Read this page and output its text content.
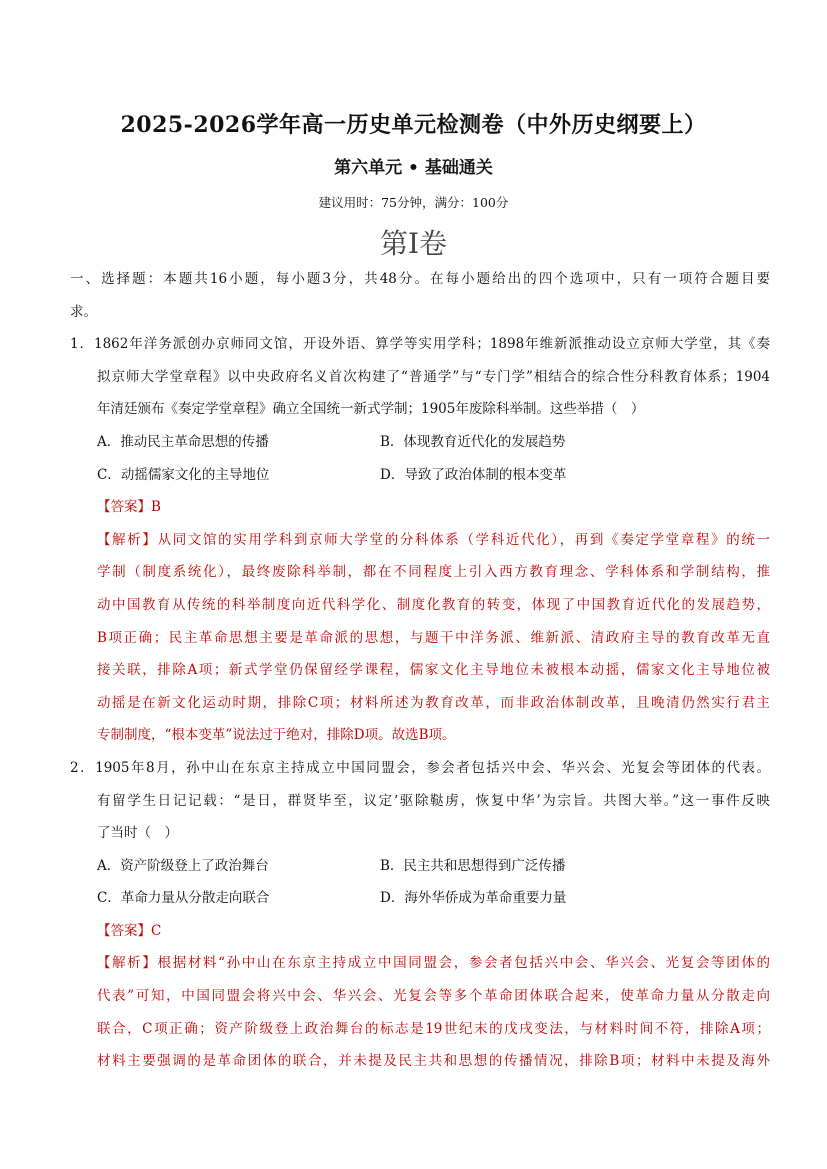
2025-2026学年高一历史单元检测卷（中外历史纲要上）
第六单元 • 基础通关
建议用时：75分钟，满分：100分
第Ⅰ卷
一、选择题：本题共16小题，每小题3分，共48分。在每小题给出的四个选项中，只有一项符合题目要
求。
1．1862年洋务派创办京师同文馆，开设外语、算学等实用学科；1898年维新派推动设立京师大学堂，其《奏
拟京师大学堂章程》以中央政府名义首次构建了“普通学”与“专门学”相结合的综合性分科教育体系；1904
年清廷颁布《奏定学堂章程》确立全国统一新式学制；1905年废除科举制。这些举措（　）
A．推动民主革命思想的传播	B．体现教育近代化的发展趋势
C．动摇儒家文化的主导地位	D．导致了政治体制的根本变革
【答案】B
【解析】从同文馆的实用学科到京师大学堂的分科体系（学科近代化），再到《奏定学堂章程》的统一
学制（制度系统化），最终废除科举制，都在不同程度上引入西方教育理念、学科体系和学制结构，推
动中国教育从传统的科举制度向近代科学化、制度化教育的转变，体现了中国教育近代化的发展趋势，
B项正确；民主革命思想主要是革命派的思想，与题干中洋务派、维新派、清政府主导的教育改革无直
接关联，排除A项；新式学堂仍保留经学课程，儒家文化主导地位未被根本动摇，儒家文化主导地位被
动摇是在新文化运动时期，排除C项；材料所述为教育改革，而非政治体制改革，且晚清仍然实行君主
专制制度，“根本变革”说法过于绝对，排除D项。故选B项。
2．1905年8月，孙中山在东京主持成立中国同盟会，参会者包括兴中会、华兴会、光复会等团体的代表。
有留学生日记记载：“是日，群贤毕至，议定‘驱除鞑虏，恢复中华’为宗旨。共图大举。”这一事件反映
了当时（　）
A．资产阶级登上了政治舞台	B．民主共和思想得到广泛传播
C．革命力量从分散走向联合	D．海外华侨成为革命重要力量
【答案】C
【解析】根据材料“孙中山在东京主持成立中国同盟会，参会者包括兴中会、华兴会、光复会等团体的
代表”可知，中国同盟会将兴中会、华兴会、光复会等多个革命团体联合起来，使革命力量从分散走向
联合，C项正确；资产阶级登上政治舞台的标志是19世纪末的戊戌变法，与材料时间不符，排除A项；
材料主要强调的是革命团体的联合，并未提及民主共和思想的传播情况，排除B项；材料中未提及海外
